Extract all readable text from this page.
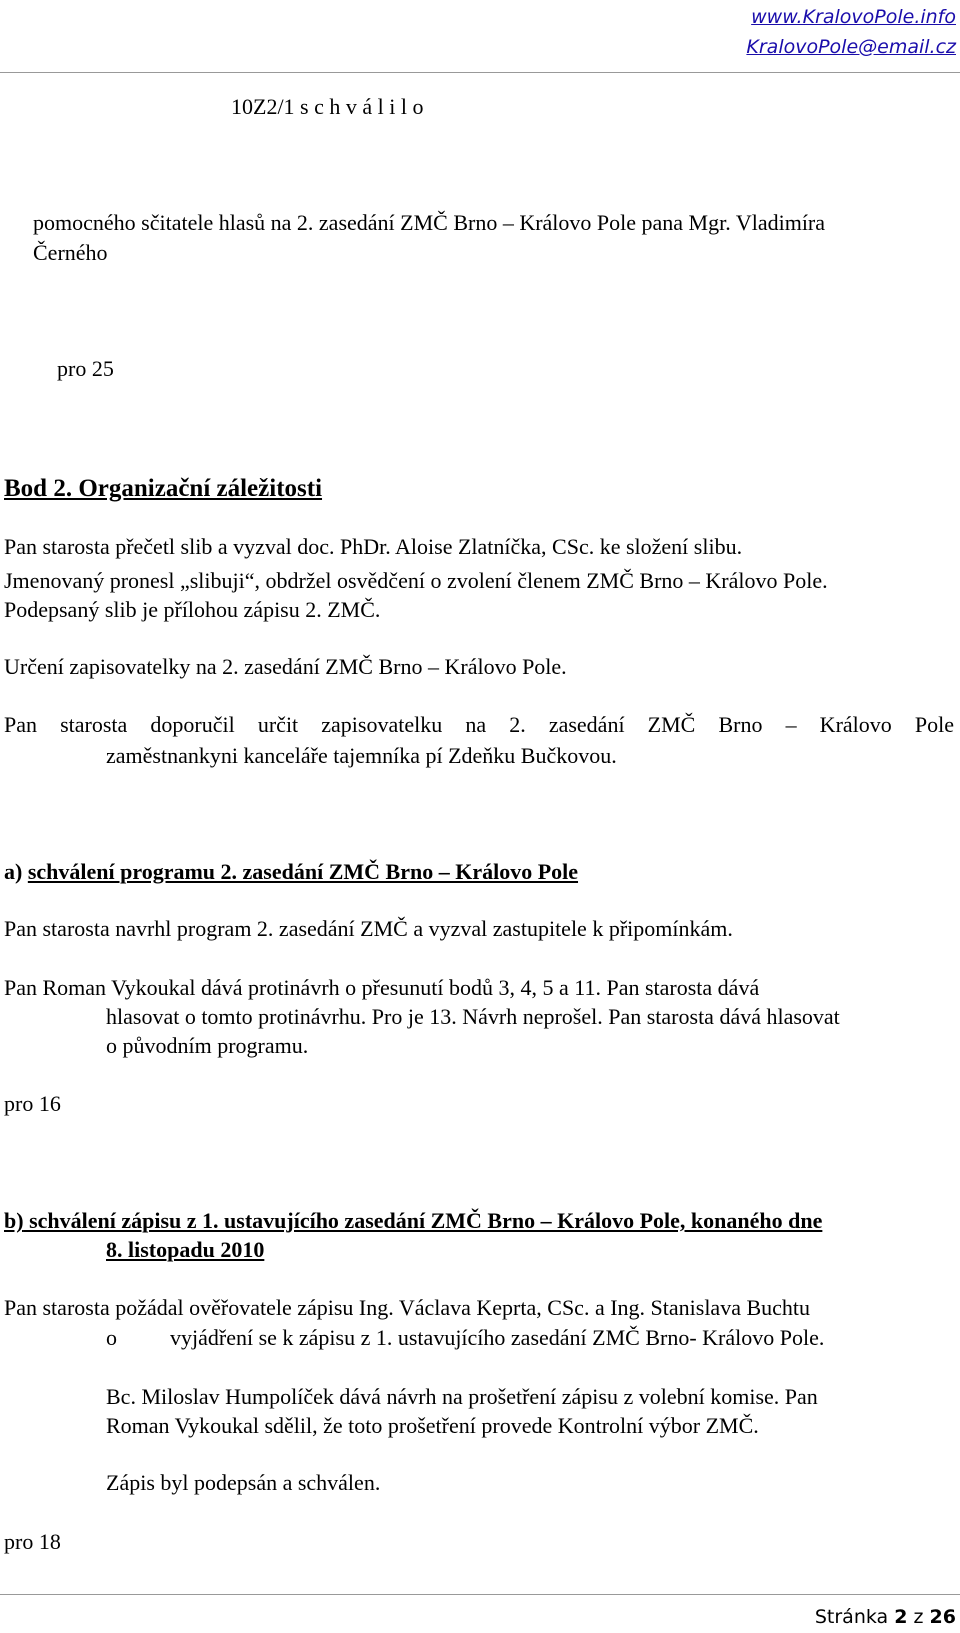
www.KralovoPole.info
KralovoPole@email.cz
10Z2/1 s c h v á l i l o
pomocného sčitatele hlasů na 2. zasedání ZMČ Brno – Královo Pole pana Mgr. Vladimíra
Černého
pro 25
Bod 2. Organizační záležitosti
Pan starosta přečetl slib a vyzval doc. PhDr. Aloise Zlatníčka, CSc. ke složení slibu.
Jmenovaný pronesl „slibuji“, obdržel osvědčení o zvolení členem ZMČ Brno – Královo Pole.
Podepsaný slib je přílohou zápisu 2. ZMČ.
Určení zapisovatelky na 2. zasedání ZMČ Brno – Královo Pole.
Pan starosta doporučil určit zapisovatelku na 2. zasedání ZMČ Brno – Královo Pole
zaměstnankyni kanceláře tajemníka pí Zdeňku Bučkovou.
a) schválení programu 2. zasedání ZMČ Brno – Královo Pole
Pan starosta navrhl program 2. zasedání ZMČ a vyzval zastupitele k připomínkám.
Pan Roman Vykoukal dává protinávrh o přesunutí bodů 3, 4, 5 a 11. Pan starosta dává
hlasovat o tomto protinávrhu. Pro je 13. Návrh neprošel. Pan starosta dává hlasovat
o původním programu.
pro 16
b) schválení zápisu z 1. ustavujícího zasedání ZMČ Brno – Královo Pole, konaného dne
8. listopadu 2010
Pan starosta požádal ověřovatele zápisu Ing. Václava Keprta, CSc. a Ing. Stanislava Buchtu
o vyjádření se k zápisu z 1. ustavujícího zasedání ZMČ Brno- Královo Pole.
Bc. Miloslav Humpolíček dává návrh na prošetření zápisu z volební komise. Pan
Roman Vykoukal sdělil, že toto prošetření provede Kontrolní výbor ZMČ.
Zápis byl podepsán a schválen.
pro 18
Stránka 2 z 26
